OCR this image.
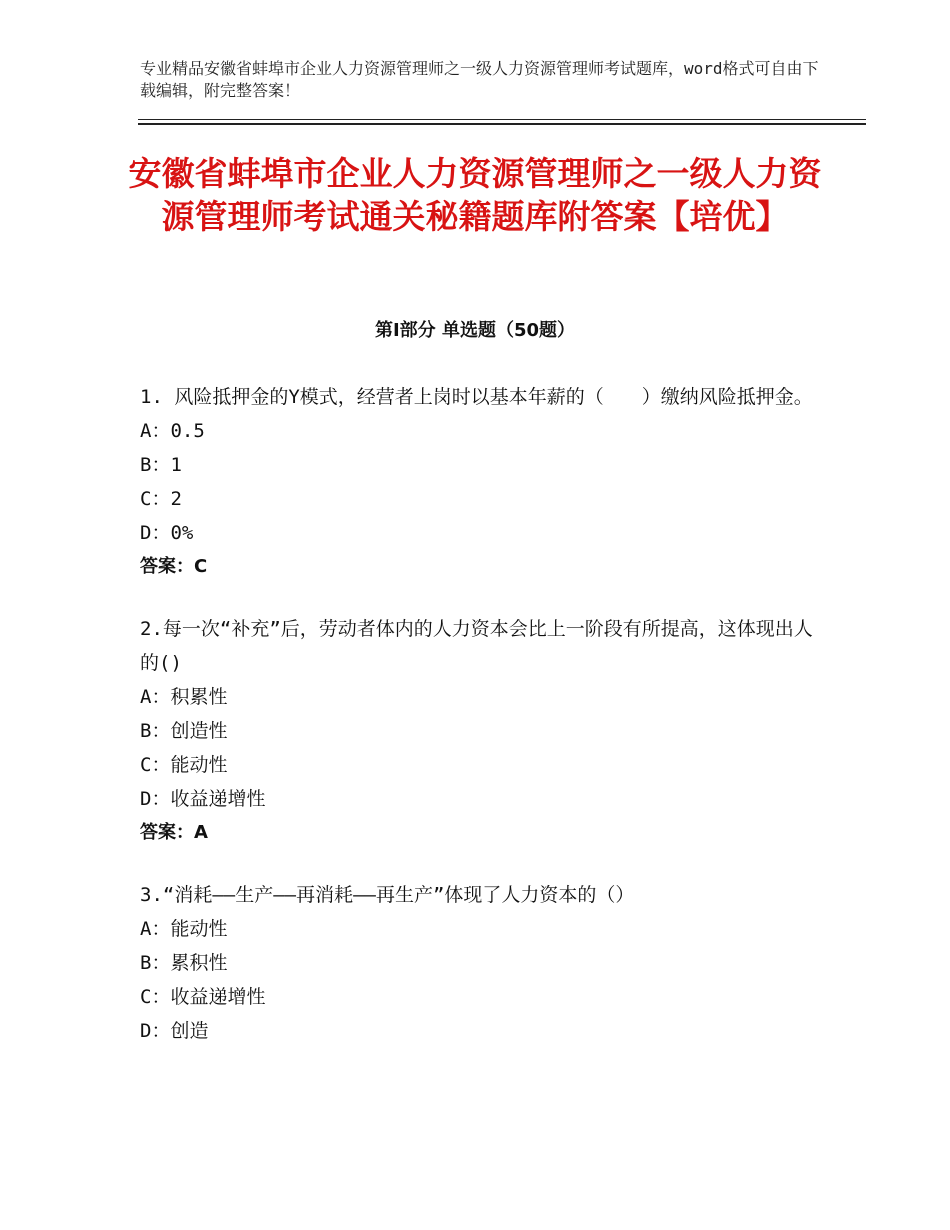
专业精品安徽省蚌埠市企业人力资源管理师之一级人力资源管理师考试题库，word格式可自由下载编辑，附完整答案！
安徽省蚌埠市企业人力资源管理师之一级人力资源管理师考试通关秘籍题库附答案【培优】
第Ⅰ部分 单选题（50题）
1. 风险抵押金的Y模式，经营者上岗时以基本年薪的（　　）缴纳风险抵押金。
A：0.5
B：1
C：2
D：0%
答案：C
2.每一次“补充”后，劳动者体内的人力资本会比上一阶段有所提高，这体现出人的()
A：积累性
B：创造性
C：能动性
D：收益递增性
答案：A
3.“消耗——生产——再消耗——再生产”体现了人力资本的（）
A：能动性
B：累积性
C：收益递增性
D：创造
